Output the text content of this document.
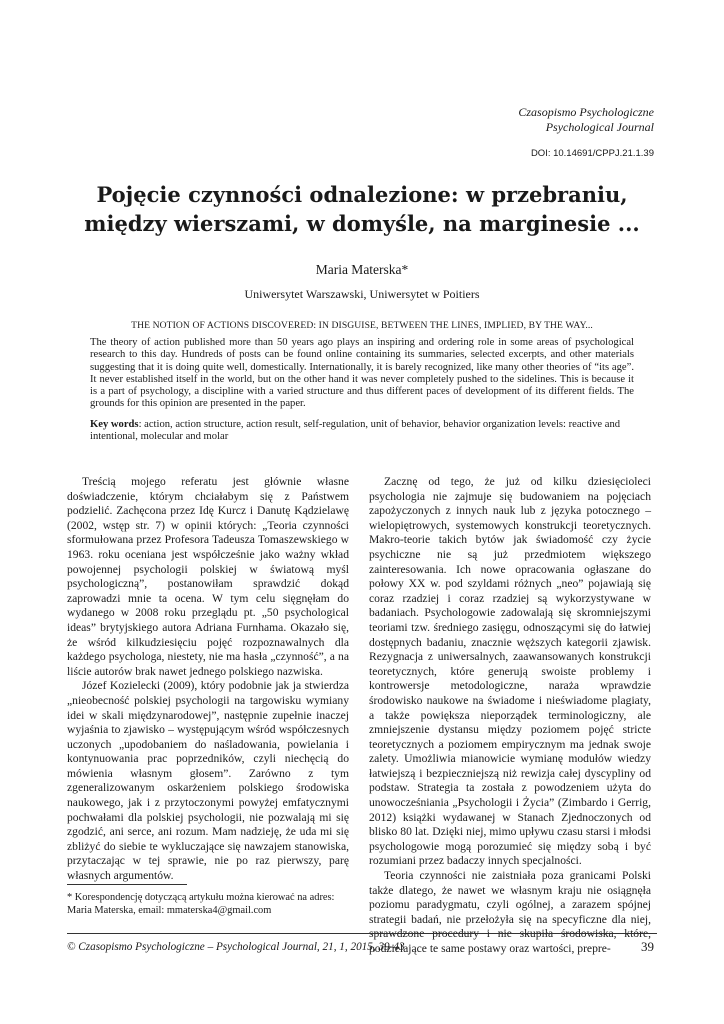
Czasopismo Psychologiczne
Psychological Journal
DOI: 10.14691/CPPJ.21.1.39
Pojęcie czynności odnalezione: w przebraniu,
między wierszami, w domyśle, na marginesie ...
Maria Materska*
Uniwersytet Warszawski, Uniwersytet w Poitiers
THE NOTION OF ACTIONS DISCOVERED: IN DISGUISE, BETWEEN THE LINES, IMPLIED, BY THE WAY...
The theory of action published more than 50 years ago plays an inspiring and ordering role in some areas of psychological research to this day. Hundreds of posts can be found online containing its summaries, selected excerpts, and other materials suggesting that it is doing quite well, domestically. Internationally, it is barely recognized, like many other theories of “its age”. It never established itself in the world, but on the other hand it was never completely pushed to the sidelines. This is because it is a part of psychology, a discipline with a varied structure and thus different paces of development of its different fields. The grounds for this opinion are presented in the paper.
Key words: action, action structure, action result, self-regulation, unit of behavior, behavior organization levels: reactive and intentional, molecular and molar

Treścią mojego referatu jest głównie własne doświadczenie, którym chciałabym się z Państwem podzielić. Zachęcona przez Idę Kurcz i Danutę Kądzielawę (2002, wstęp str. 7) w opinii których: „Teoria czynności sformułowana przez Profesora Tadeusza Tomaszewskiego w 1963. roku oceniana jest współcześnie jako ważny wkład powojennej psychologii polskiej w światową myśl psychologiczną”, postanowiłam sprawdzić dokąd zaprowadzi mnie ta ocena. W tym celu sięgnęłam do wydanego w 2008 roku przeglądu pt. „50 psychological ideas” brytyjskiego autora Adriana Furnhama. Okazało się, że wśród kilkudziesięciu pojęć rozpoznawalnych dla każdego psychologa, niestety, nie ma hasła „czynność”, a na liście autorów brak nawet jednego polskiego nazwiska.

Józef Kozielecki (2009), który podobnie jak ja stwierdza „nieobecność polskiej psychologii na targowisku wymiany idei w skali międzynarodowej”, następnie zupełnie inaczej wyjaśnia to zjawisko – występującym wśród współczesnych uczonych „upodobaniem do naśladowania, powielania i kontynuowania prac poprzedników, czyli niechęcią do mówienia własnym głosem”. Zarówno z tym zgeneralizowanym oskarżeniem polskiego środowiska naukowego, jak i z przytoczonymi powyżej emfatycznymi pochwałami dla polskiej psychologii, nie pozwalają mi się zgodzić, ani serce, ani rozum. Mam nadzieję, że uda mi się zbliżyć do siebie te wykluczające się nawzajem stanowiska, przytaczając w tej sprawie, nie po raz pierwszy, parę własnych argumentów.

Zacznę od tego, że już od kilku dziesięcioleci psychologia nie zajmuje się budowaniem na pojęciach zapożyczonych z innych nauk lub z języka potocznego – wielopiętrowych, systemowych konstrukcji teoretycznych. Makro-teorie takich bytów jak świadomość czy życie psychiczne nie są już przedmiotem większego zainteresowania. Ich nowe opracowania ogłaszane do połowy XX w. pod szyldami różnych „neo” pojawiają się coraz rzadziej i coraz rzadziej są wykorzystywane w badaniach. Psychologowie zadowalają się skromniejszymi teoriami tzw. średniego zasięgu, odnoszącymi się do łatwiej dostępnych badaniu, znacznie węższych kategorii zjawisk. Rezygnacja z uniwersalnych, zaawansowanych konstrukcji teoretycznych, które generują swoiste problemy i kontrowersje metodologiczne, naraża wprawdzie środowisko naukowe na świadome i nieświadome plagiaty, a także powiększa nieporządek terminologiczny, ale zmniejszenie dystansu między poziomem pojęć stricte teoretycznych a poziomem empirycznym ma jednak swoje zalety. Umożliwia mianowicie wymianę modułów wiedzy łatwiejszą i bezpieczniejszą niż rewizja całej dyscypliny od podstaw. Strategia ta została z powodzeniem użyta do unowocześniania „Psychologii i Życia” (Zimbardo i Gerrig, 2012) książki wydawanej w Stanach Zjednoczonych od blisko 80 lat. Dzięki niej, mimo upływu czasu starsi i młodsi psychologowie mogą porozumieć się między sobą i być rozumiani przez badaczy innych specjalności.

Teoria czynności nie zaistniała poza granicami Polski także dlatego, że nawet we własnym kraju nie osiągnęła poziomu paradygmatu, czyli ogólnej, a zarazem spójnej strategii badań, nie przełożyła się na specyficzne dla niej, sprawdzone procedury i nie skupiła środowiska, które, podzielające te same postawy oraz wartości, prepre-

* Korespondencję dotyczącą artykułu można kierować na adres:
Maria Materska, email: mmaterska4@gmail.com
© Czasopismo Psychologiczne – Psychological Journal, 21, 1, 2015, 39-43	39
